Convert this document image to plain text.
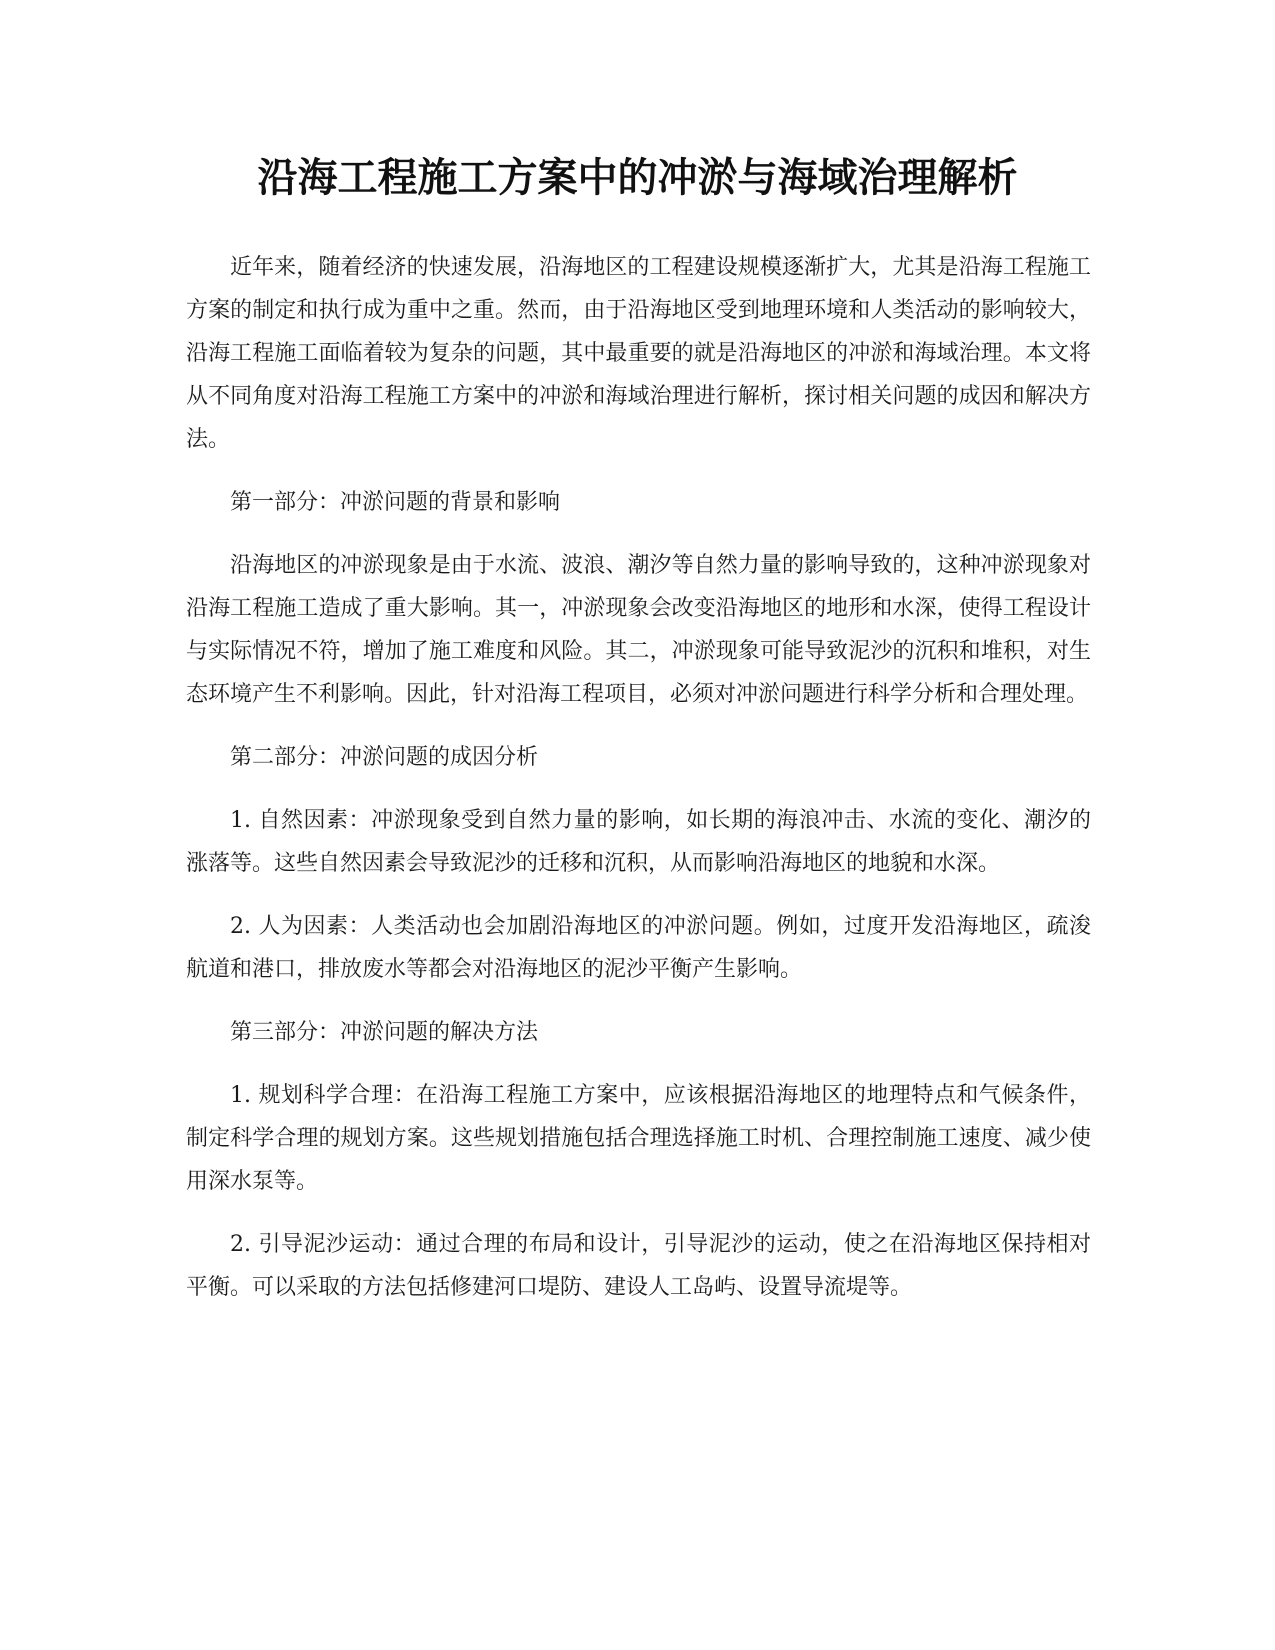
沿海工程施工方案中的冲淤与海域治理解析

近年来，随着经济的快速发展，沿海地区的工程建设规模逐渐扩大，尤其是沿海工程施工方案的制定和执行成为重中之重。然而，由于沿海地区受到地理环境和人类活动的影响较大，沿海工程施工面临着较为复杂的问题，其中最重要的就是沿海地区的冲淤和海域治理。本文将从不同角度对沿海工程施工方案中的冲淤和海域治理进行解析，探讨相关问题的成因和解决方法。

第一部分：冲淤问题的背景和影响

沿海地区的冲淤现象是由于水流、波浪、潮汐等自然力量的影响导致的，这种冲淤现象对沿海工程施工造成了重大影响。其一，冲淤现象会改变沿海地区的地形和水深，使得工程设计与实际情况不符，增加了施工难度和风险。其二，冲淤现象可能导致泥沙的沉积和堆积，对生态环境产生不利影响。因此，针对沿海工程项目，必须对冲淤问题进行科学分析和合理处理。

第二部分：冲淤问题的成因分析

1. 自然因素：冲淤现象受到自然力量的影响，如长期的海浪冲击、水流的变化、潮汐的涨落等。这些自然因素会导致泥沙的迁移和沉积，从而影响沿海地区的地貌和水深。

2. 人为因素：人类活动也会加剧沿海地区的冲淤问题。例如，过度开发沿海地区，疏浚航道和港口，排放废水等都会对沿海地区的泥沙平衡产生影响。

第三部分：冲淤问题的解决方法

1. 规划科学合理：在沿海工程施工方案中，应该根据沿海地区的地理特点和气候条件，制定科学合理的规划方案。这些规划措施包括合理选择施工时机、合理控制施工速度、减少使用深水泵等。

2. 引导泥沙运动：通过合理的布局和设计，引导泥沙的运动，使之在沿海地区保持相对平衡。可以采取的方法包括修建河口堤防、建设人工岛屿、设置导流堤等。
